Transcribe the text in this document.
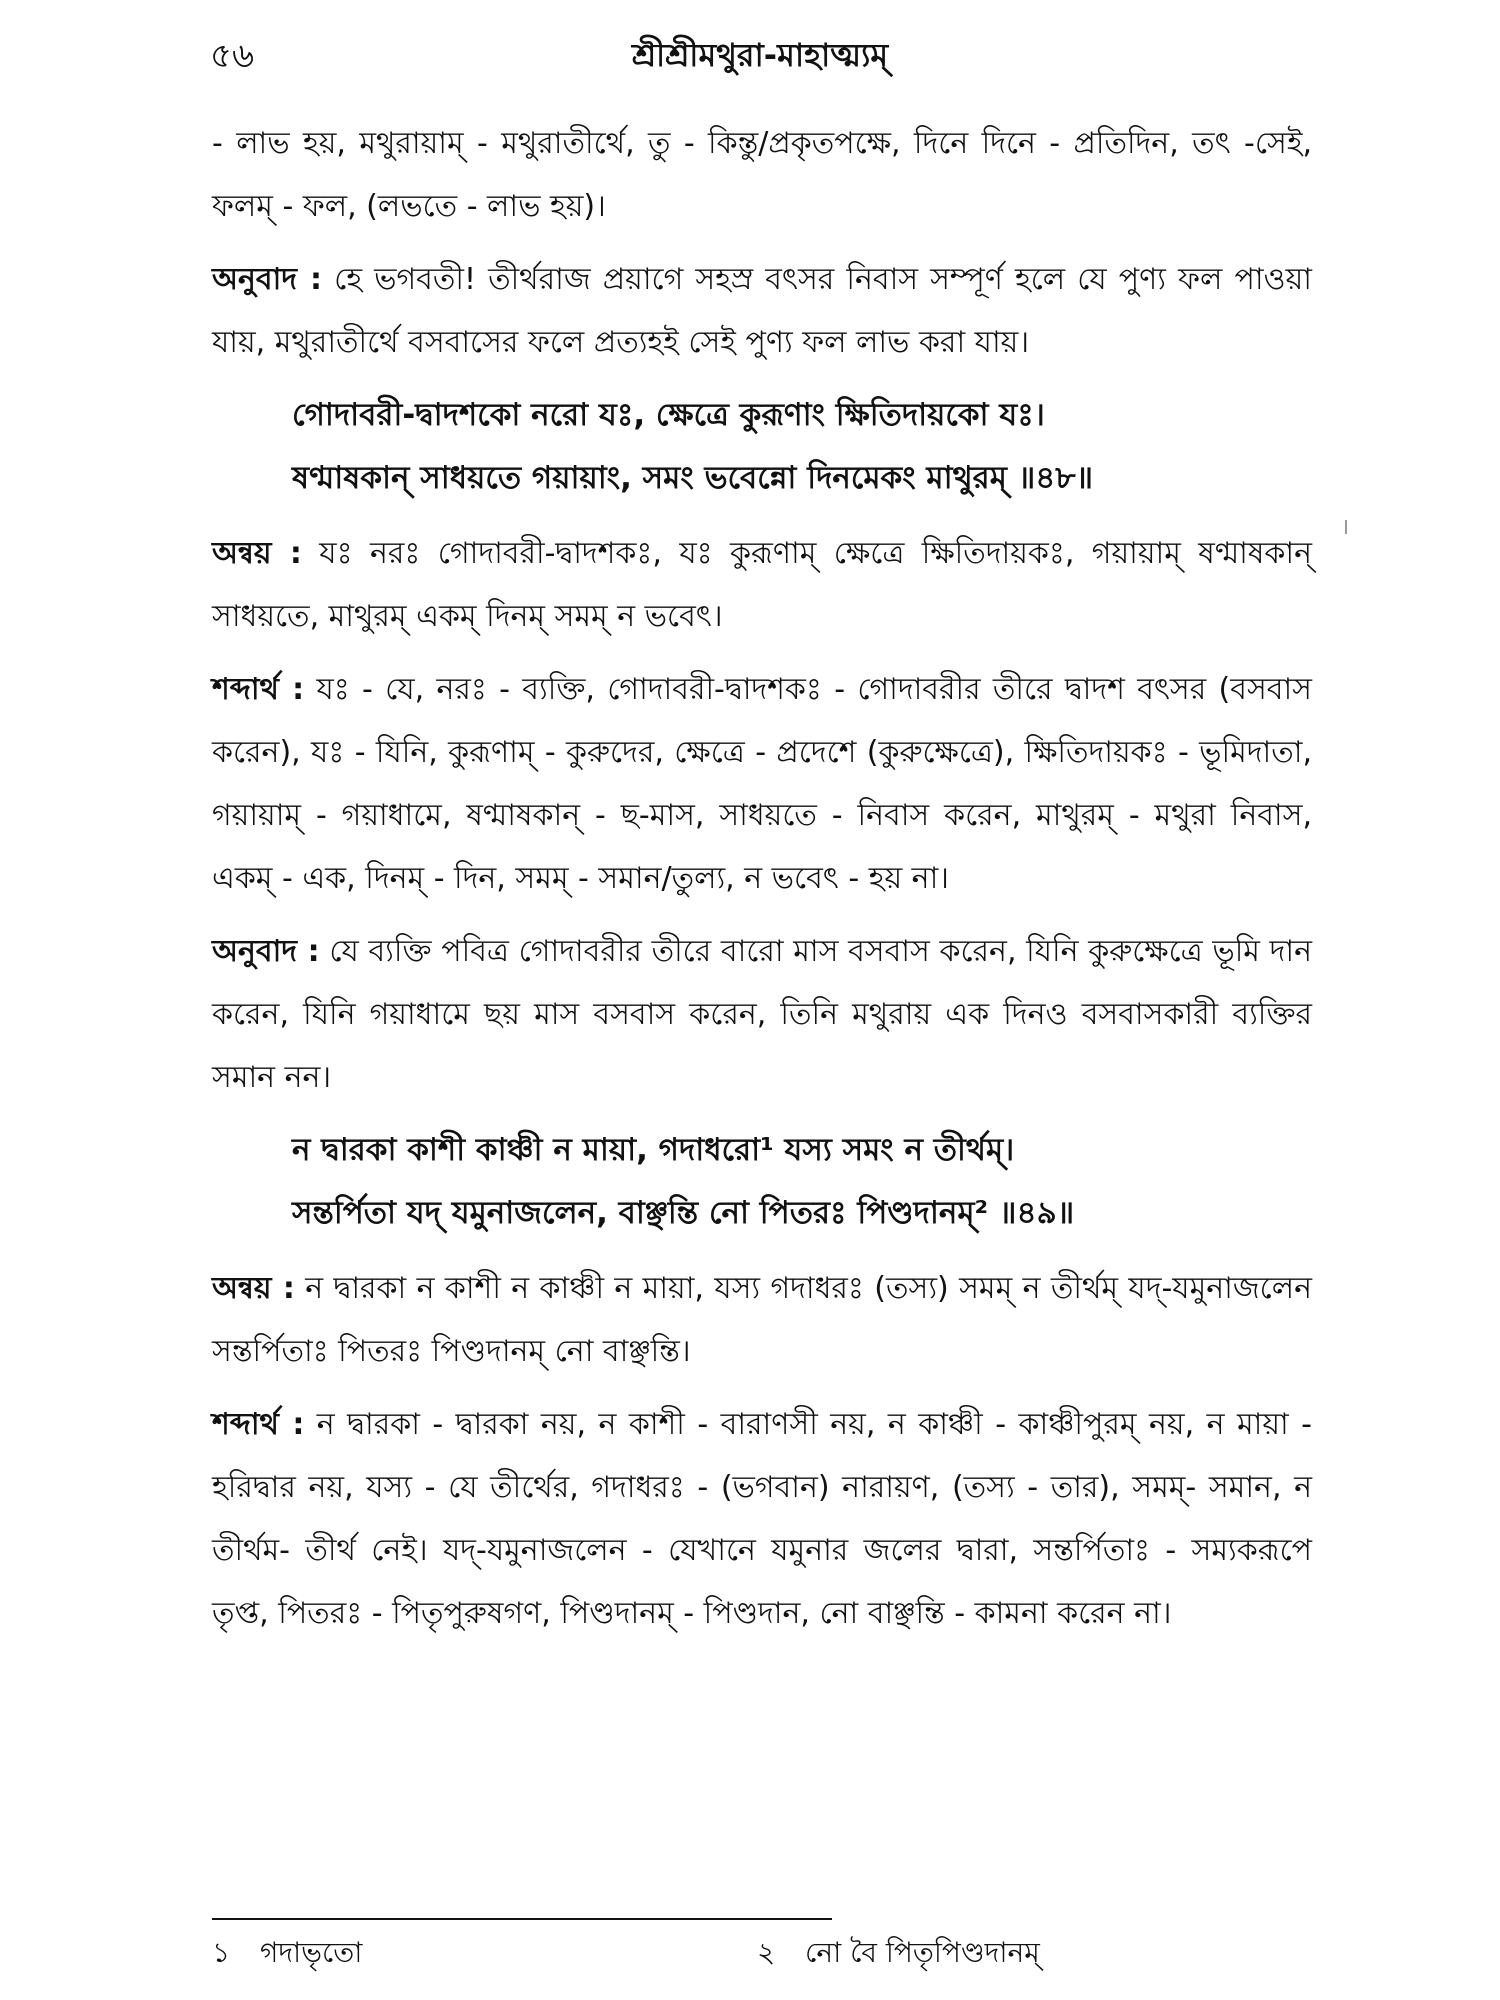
৫৬	শ্রীশ্রীমথুরা-মাহাত্ম্যম্

- লাভ হয়, মথুরায়াম্ - মথুরাতীর্থে, তু - কিন্তু/প্রকৃতপক্ষে, দিনে দিনে - প্রতিদিন, তৎ -সেই, ফলম্ - ফল, (লভতে - লাভ হয়)।

অনুবাদ : হে ভগবতী! তীর্থরাজ প্রয়াগে সহস্র বৎসর নিবাস সম্পূর্ণ হলে যে পুণ্য ফল পাওয়া যায়, মথুরাতীর্থে বসবাসের ফলে প্রত্যহই সেই পুণ্য ফল লাভ করা যায়।

গোদাবরী-দ্বাদশকো নরো যঃ, ক্ষেত্রে কুরূণাং ক্ষিতিদায়কো যঃ।
ষণ্মাষকান্ সাধয়তে গয়ায়াং, সমং ভবেন্নো দিনমেকং মাথুরম্ ॥৪৮॥

অন্বয় : যঃ নরঃ গোদাবরী-দ্বাদশকঃ, যঃ কুরূণাম্ ক্ষেত্রে ক্ষিতিদায়কঃ, গয়ায়াম্ ষণ্মাষকান্ সাধয়তে, মাথুরম্ একম্ দিনম্ সমম্ ন ভবেৎ।

শব্দার্থ : যঃ - যে, নরঃ - ব্যক্তি, গোদাবরী-দ্বাদশকঃ - গোদাবরীর তীরে দ্বাদশ বৎসর (বসবাস করেন), যঃ - যিনি, কুরূণাম্ - কুরুদের, ক্ষেত্রে - প্রদেশে (কুরুক্ষেত্রে), ক্ষিতিদায়কঃ - ভূমিদাতা, গয়ায়াম্ - গয়াধামে, ষণ্মাষকান্ - ছ-মাস, সাধয়তে - নিবাস করেন, মাথুরম্ - মথুরা নিবাস, একম্ - এক, দিনম্ - দিন, সমম্ - সমান/তুল্য, ন ভবেৎ - হয় না।

অনুবাদ : যে ব্যক্তি পবিত্র গোদাবরীর তীরে বারো মাস বসবাস করেন, যিনি কুরুক্ষেত্রে ভূমি দান করেন, যিনি গয়াধামে ছয় মাস বসবাস করেন, তিনি মথুরায় এক দিনও বসবাসকারী ব্যক্তির সমান নন।

ন দ্বারকা কাশী কাঞ্চী ন মায়া, গদাধরো¹ যস্য সমং ন তীর্থম্।
সন্তর্পিতা যদ্ যমুনাজলেন, বাঞ্ছন্তি নো পিতরঃ পিণ্ডদানম্² ॥৪৯॥

অন্বয় : ন দ্বারকা ন কাশী ন কাঞ্চী ন মায়া, যস্য গদাধরঃ (তস্য) সমম্ ন তীর্থম্ যদ্-যমুনাজলেন সন্তর্পিতাঃ পিতরঃ পিণ্ডদানম্ নো বাঞ্ছন্তি।

শব্দার্থ : ন দ্বারকা - দ্বারকা নয়, ন কাশী - বারাণসী নয়, ন কাঞ্চী - কাঞ্চীপুরম্ নয়, ন মায়া - হরিদ্বার নয়, যস্য - যে তীর্থের, গদাধরঃ - (ভগবান) নারায়ণ, (তস্য - তার), সমম্- সমান, ন তীর্থম- তীর্থ নেই। যদ্-যমুনাজলেন - যেখানে যমুনার জলের দ্বারা, সন্তর্পিতাঃ - সম্যকরূপে তৃপ্ত, পিতরঃ - পিতৃপুরুষগণ, পিণ্ডদানম্ - পিণ্ডদান, নো বাঞ্ছন্তি - কামনা করেন না।

১ গদাভৃতো	২ নো বৈ পিতৃপিণ্ডদানম্
